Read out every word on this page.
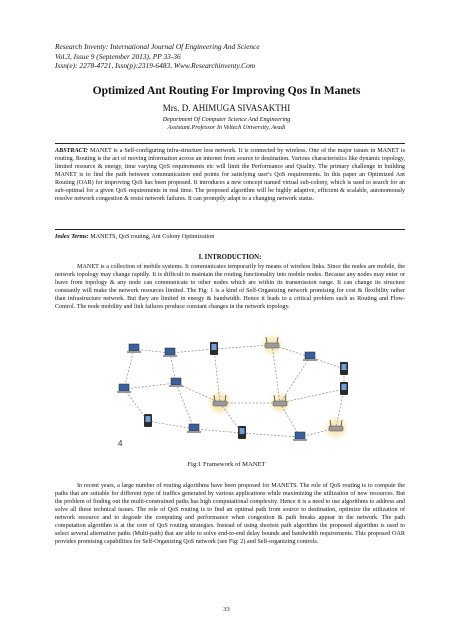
Research Inventy: International Journal Of Engineering And Science
Vol.3, Issue 9 (September 2013), PP 33-36
Issn(e): 2278-4721, Issn(p):2319-6483, Www.Researchinventy.Com
Optimized Ant Routing For Improving Qos In Manets
Mrs. D. AHIMUGA SIVASAKTHI
Department Of Computer Science And Engineering
Assistant.Professor In Veltech University, Avadi
ABSTRACT: MANET is a Self-configuring infra-structure less network. It is connected by wireless. One of the major issues in MANET is routing. Routing is the act of moving information across an internet from source to destination. Various characteristics like dynamic topology, limited resource & energy, time varying QoS requirements etc will limit the Performance and Quality. The primary challenge in building MANET is to find the path between communication end points for satisfying user's QoS requirements. In this paper an Optimized Ant Routing (OAR) for improving QoS has been proposed. It introduces a new concept named virtual sub-colony, which is used to search for an sub-optimal for a given QoS requirements in real time. The proposed algorithm will be highly adaptive, efficient & scalable, autonomously resolve network congestion & resist network failures. It can promptly adapt to a changing network status.
Index Terms: MANETS, QoS routing, Ant Colony Optimization
I. INTRODUCTION:
MANET is a collection of mobile systems. It communicates temporarily by means of wireless links. Since the nodes are mobile, the network topology may change rapidly. It is difficult to maintain the routing functionality into mobile nodes. Because any nodes may enter or leave from topology & any node can communicate to other nodes which are within its transmission range. It can change its structure constantly will make the network resources limited. The Fig: 1 is a kind of Self-Organizing network promising for cost & flexibility rather than infrastructure network. But they are limited in energy & bandwidth. Hence it leads to a critical problem such as Routing and Flow-Control. The node mobility and link failures produce constant changes in the network topology.
4
Fig:1 Framework of MANET
In recent years, a large number of routing algorithms have been proposed for MANETS. The role of QoS routing is to compute the paths that are suitable for different type of traffics generated by various applications while maximizing the utilization of new resources. But the problem of finding out the multi-constrained paths has high computational complexity. Hence it is a need to use algorithms to address and solve all these technical issues. The role of QoS routing is to find an optimal path from source to destination, optimize the utilization of network resource and to degrade the computing and performance when congestion & path breaks appear in the network. The path computation algorithm is at the core of QoS routing strategies. Instead of using shortest path algorithm the proposed algorithm is used to select several alternative paths (Multi-path) that are able to solve end-to-end delay bounds and bandwidth requirements. This proposed OAR provides promising capabilities for Self-Organizing QoS network (see Fig: 2) and Self-organizing controls.
33
